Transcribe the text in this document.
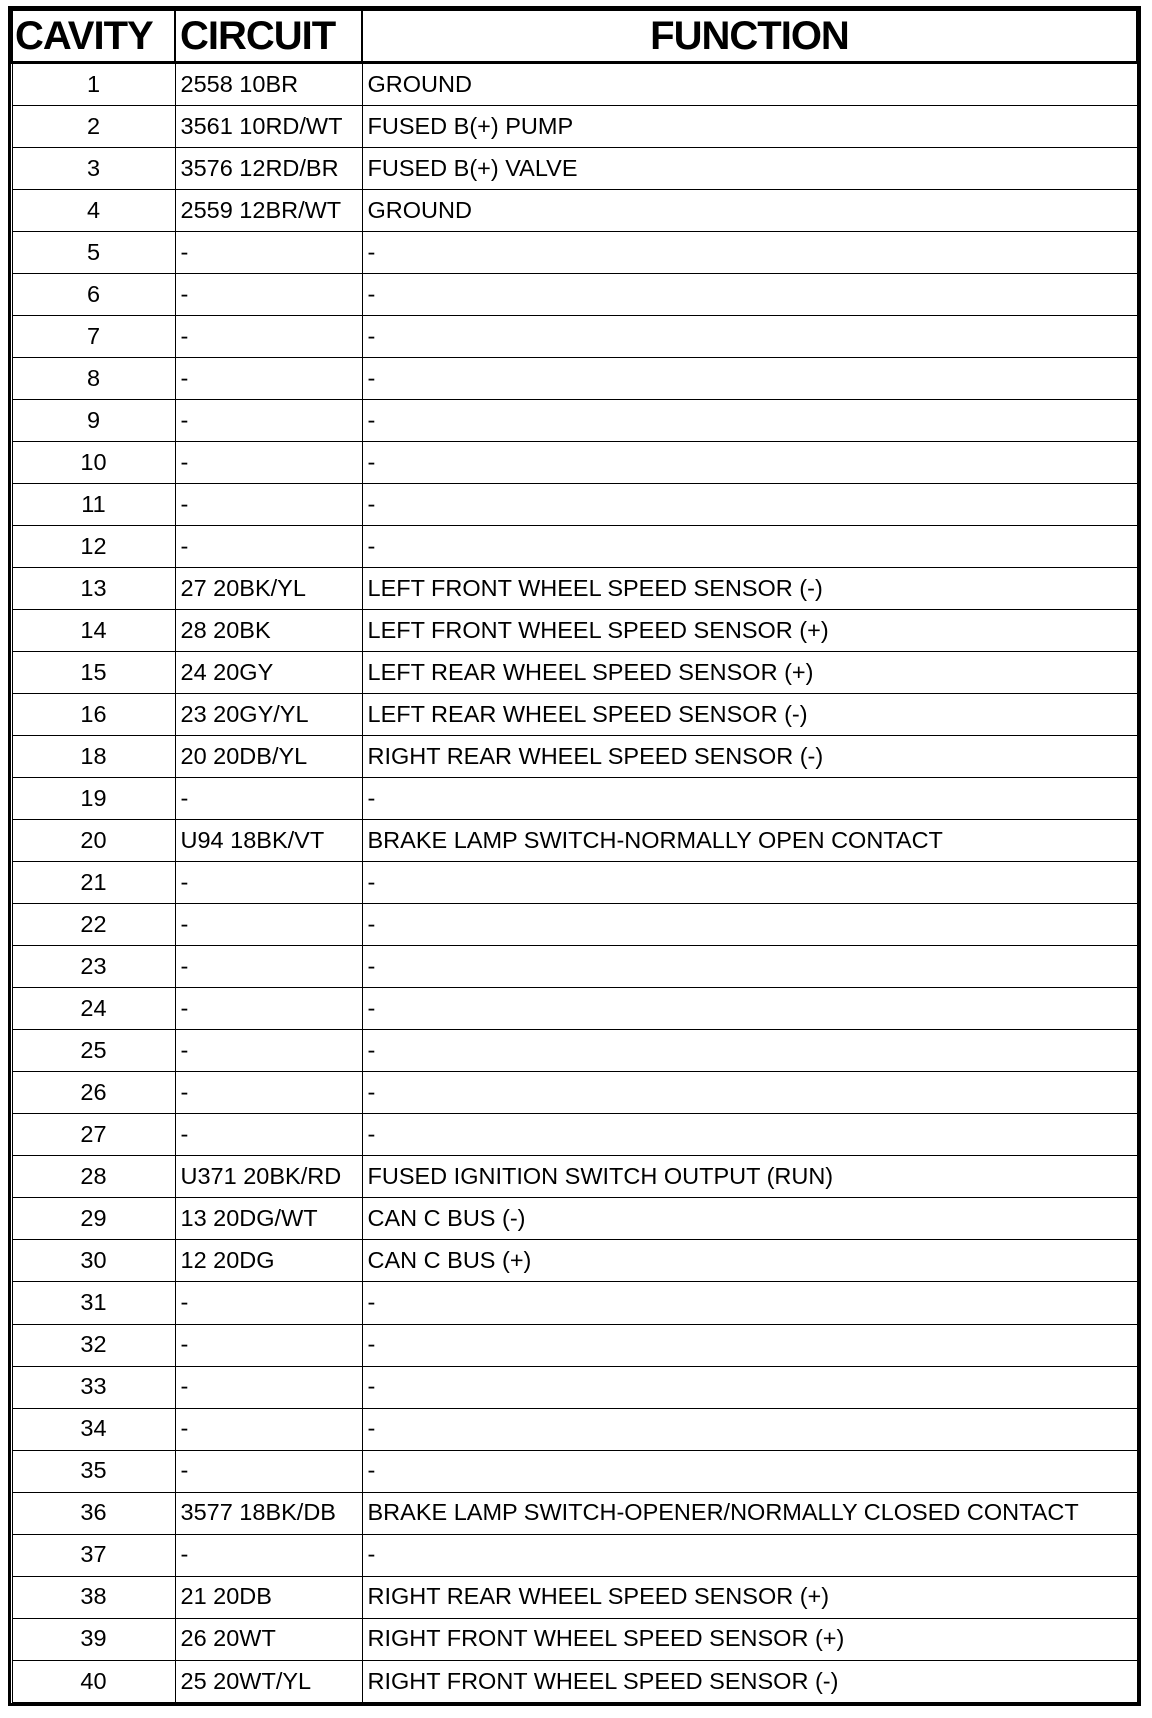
CAVITY	CIRCUIT	FUNCTION
1	2558 10BR	GROUND
2	3561 10RD/WT	FUSED B(+) PUMP
3	3576 12RD/BR	FUSED B(+) VALVE
4	2559 12BR/WT	GROUND
5	-	-
6	-	-
7	-	-
8	-	-
9	-	-
10	-	-
11	-	-
12	-	-
13	27 20BK/YL	LEFT FRONT WHEEL SPEED SENSOR (-)
14	28 20BK	LEFT FRONT WHEEL SPEED SENSOR (+)
15	24 20GY	LEFT REAR WHEEL SPEED SENSOR (+)
16	23 20GY/YL	LEFT REAR WHEEL SPEED SENSOR (-)
18	20 20DB/YL	RIGHT REAR WHEEL SPEED SENSOR (-)
19	-	-
20	U94 18BK/VT	BRAKE LAMP SWITCH-NORMALLY OPEN CONTACT
21	-	-
22	-	-
23	-	-
24	-	-
25	-	-
26	-	-
27	-	-
28	U371 20BK/RD	FUSED IGNITION SWITCH OUTPUT (RUN)
29	13 20DG/WT	CAN C BUS (-)
30	12 20DG	CAN C BUS (+)
31	-	-
32	-	-
33	-	-
34	-	-
35	-	-
36	3577 18BK/DB	BRAKE LAMP SWITCH-OPENER/NORMALLY CLOSED CONTACT
37	-	-
38	21 20DB	RIGHT REAR WHEEL SPEED SENSOR (+)
39	26 20WT	RIGHT FRONT WHEEL SPEED SENSOR (+)
40	25 20WT/YL	RIGHT FRONT WHEEL SPEED SENSOR (-)
